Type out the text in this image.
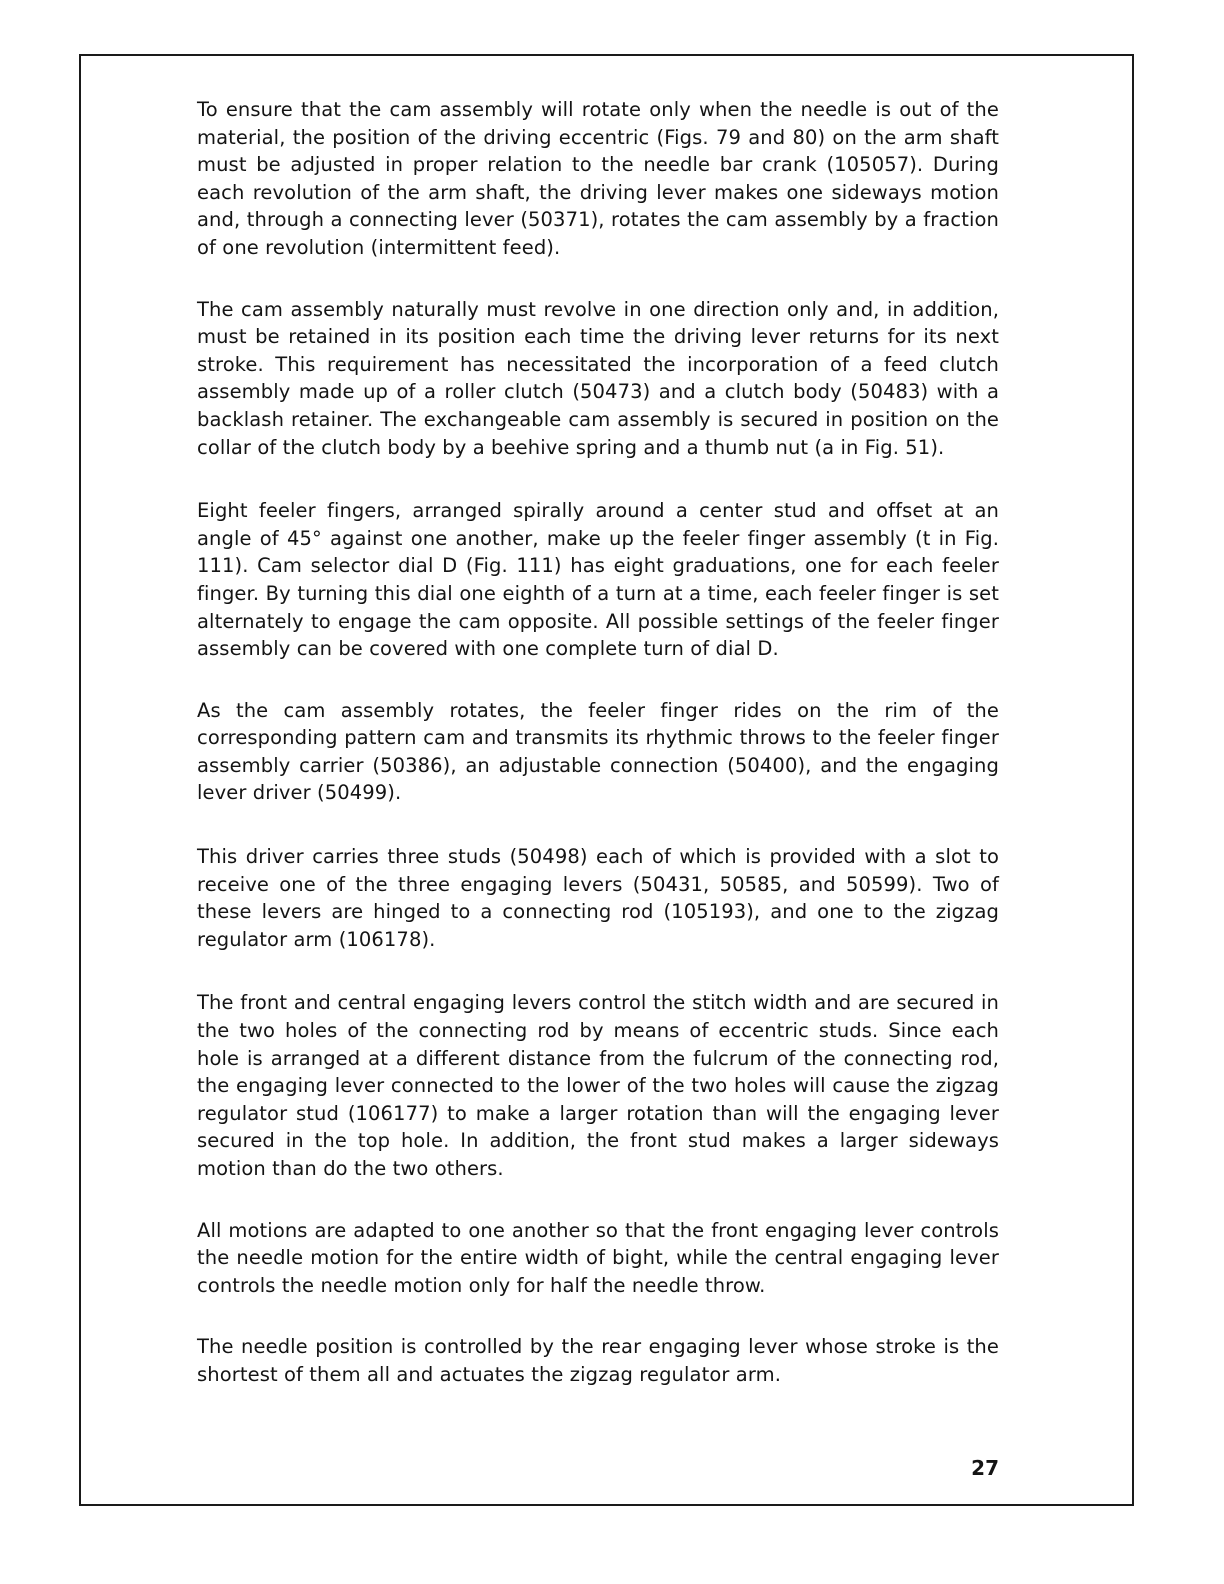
To ensure that the cam assembly will rotate only when the needle is out of the material, the position of the driving eccentric (Figs. 79 and 80) on the arm shaft must be adjusted in proper relation to the needle bar crank (105057). During each revolution of the arm shaft, the driving lever makes one sideways motion and, through a connecting lever (50371), rotates the cam assembly by a fraction of one revolution (intermittent feed).

The cam assembly naturally must revolve in one direction only and, in addition, must be retained in its position each time the driving lever returns for its next stroke. This requirement has necessitated the incorporation of a feed clutch assembly made up of a roller clutch (50473) and a clutch body (50483) with a backlash retainer. The exchangeable cam assembly is secured in position on the collar of the clutch body by a beehive spring and a thumb nut (a in Fig. 51).

Eight feeler fingers, arranged spirally around a center stud and offset at an angle of 45° against one another, make up the feeler finger assembly (t in Fig. 111). Cam selector dial D (Fig. 111) has eight graduations, one for each feeler finger. By turning this dial one eighth of a turn at a time, each feeler finger is set alternately to engage the cam opposite. All possible settings of the feeler finger assembly can be covered with one complete turn of dial D.

As the cam assembly rotates, the feeler finger rides on the rim of the corresponding pattern cam and transmits its rhythmic throws to the feeler finger assembly carrier (50386), an adjustable connection (50400), and the engaging lever driver (50499).

This driver carries three studs (50498) each of which is provided with a slot to receive one of the three engaging levers (50431, 50585, and 50599). Two of these levers are hinged to a connecting rod (105193), and one to the zigzag regulator arm (106178).

The front and central engaging levers control the stitch width and are secured in the two holes of the connecting rod by means of eccentric studs. Since each hole is arranged at a different distance from the fulcrum of the connecting rod, the engaging lever connected to the lower of the two holes will cause the zigzag regulator stud (106177) to make a larger rotation than will the engaging lever secured in the top hole. In addition, the front stud makes a larger sideways motion than do the two others.

All motions are adapted to one another so that the front engaging lever controls the needle motion for the entire width of bight, while the central engaging lever controls the needle motion only for half the needle throw.

The needle position is controlled by the rear engaging lever whose stroke is the shortest of them all and actuates the zigzag regulator arm.

27
